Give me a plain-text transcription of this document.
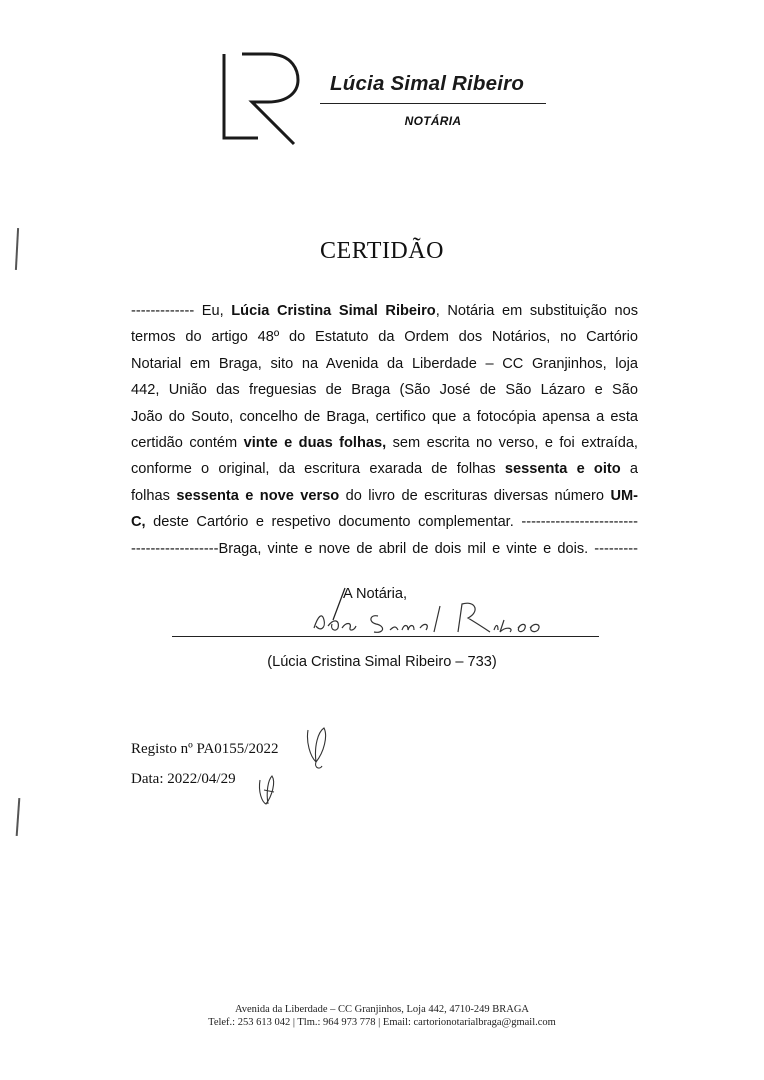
Lúcia Simal Ribeiro
NOTÁRIA
CERTIDÃO
------------- Eu, Lúcia Cristina Simal Ribeiro, Notária em substituição nos
termos do artigo 48º do Estatuto da Ordem dos Notários, no Cartório
Notarial em Braga, sito na Avenida da Liberdade – CC Granjinhos, loja
442, União das freguesias de Braga (São José de São Lázaro e São
João do Souto, concelho de Braga, certifico que a fotocópia apensa a esta
certidão contém vinte e duas folhas, sem escrita no verso, e foi extraída,
conforme o original, da escritura exarada de folhas sessenta e oito a
folhas sessenta e nove verso do livro de escrituras diversas número UM-
C, deste Cartório e respetivo documento complementar. ------------------------
------------------Braga, vinte e nove de abril de dois mil e vinte e dois. ---------
A Notária,
(Lúcia Cristina Simal Ribeiro – 733)
Registo nº PA0155/2022
Data: 2022/04/29
Avenida da Liberdade – CC Granjinhos, Loja 442, 4710-249 BRAGA
Telef.: 253 613 042 | Tlm.: 964 973 778 | Email: cartorionotarialbraga@gmail.com
